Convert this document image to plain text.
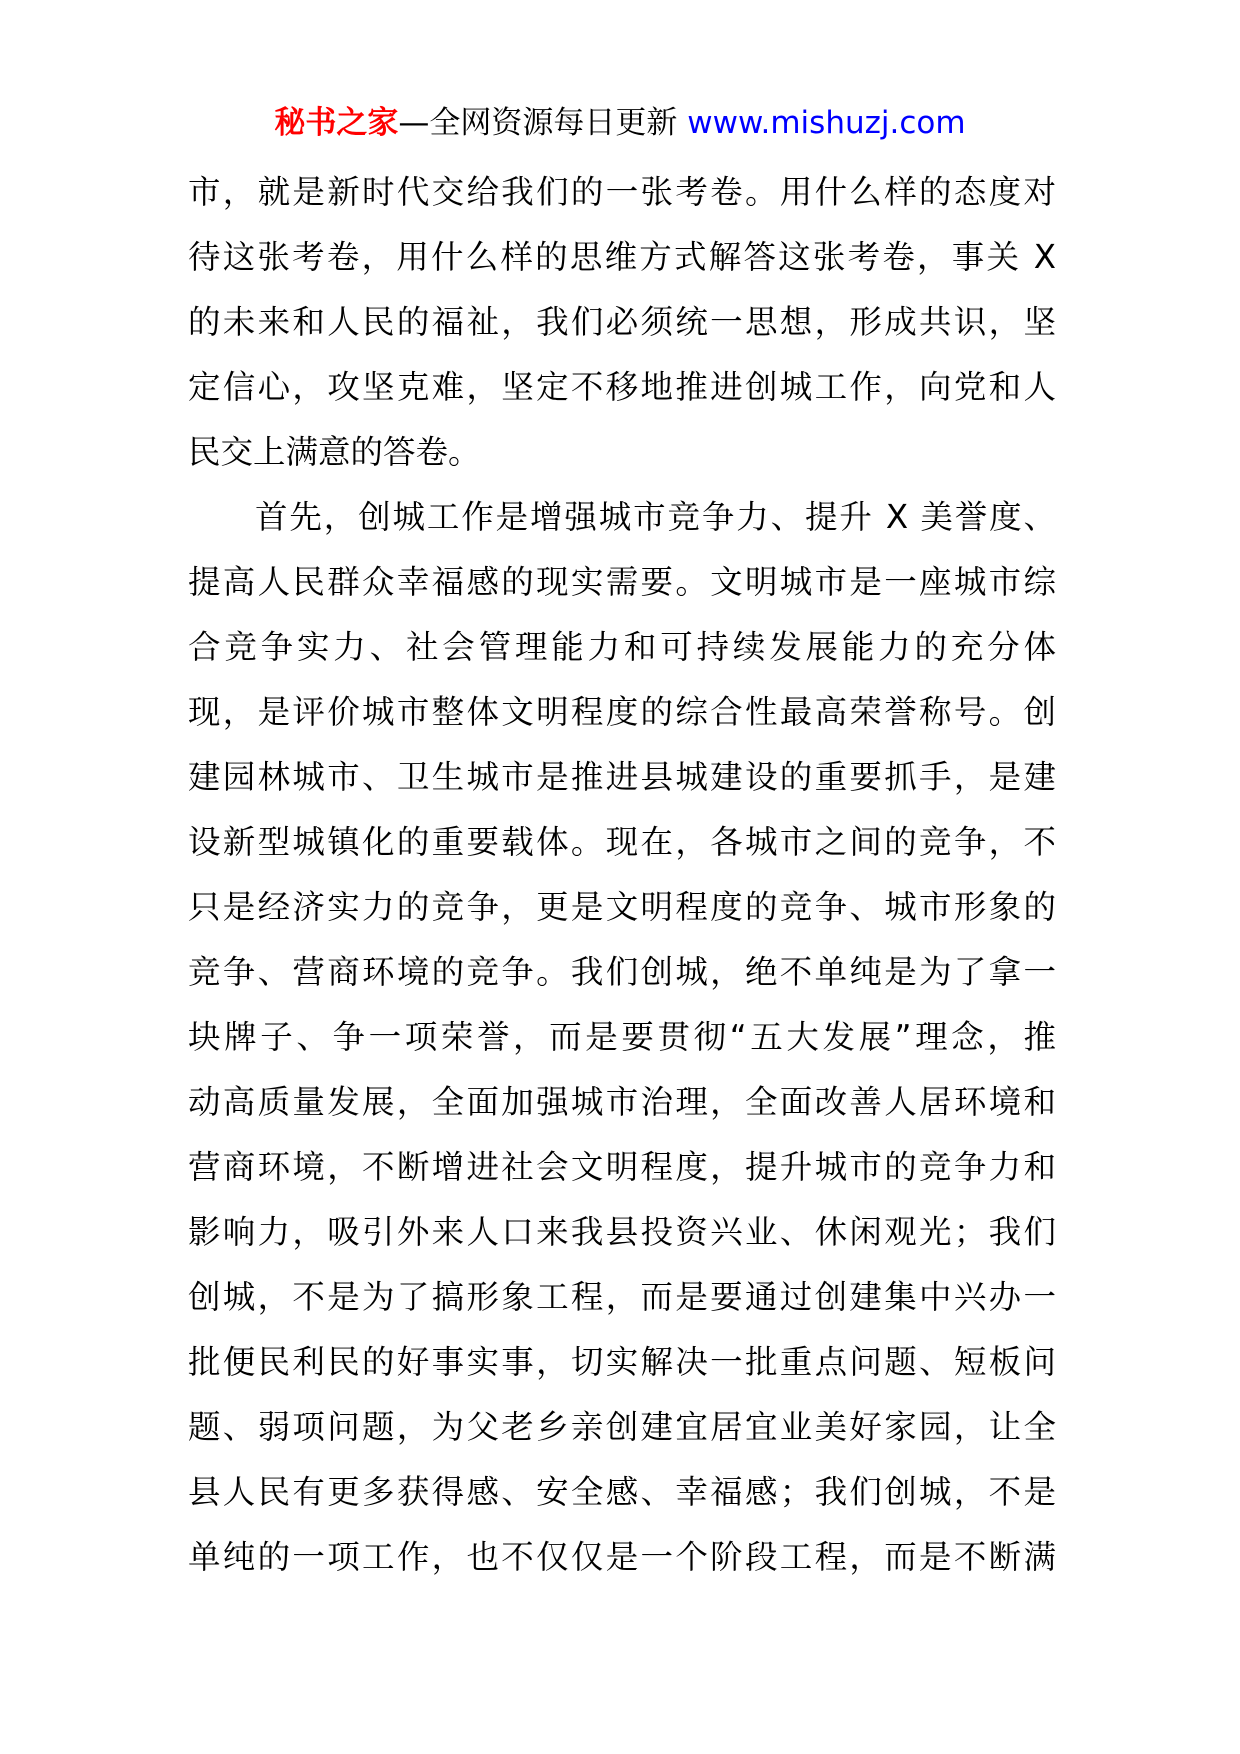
秘书之家—全网资源每日更新 www.mishuzj.com
市，就是新时代交给我们的一张考卷。用什么样的态度对
待这张考卷，用什么样的思维方式解答这张考卷，事关 X
的未来和人民的福祉，我们必须统一思想，形成共识，坚
定信心，攻坚克难，坚定不移地推进创城工作，向党和人
民交上满意的答卷。
首先，创城工作是增强城市竞争力、提升 X 美誉度、
提高人民群众幸福感的现实需要。文明城市是一座城市综
合竞争实力、社会管理能力和可持续发展能力的充分体
现，是评价城市整体文明程度的综合性最高荣誉称号。创
建园林城市、卫生城市是推进县城建设的重要抓手，是建
设新型城镇化的重要载体。现在，各城市之间的竞争，不
只是经济实力的竞争，更是文明程度的竞争、城市形象的
竞争、营商环境的竞争。我们创城，绝不单纯是为了拿一
块牌子、争一项荣誉，而是要贯彻“五大发展”理念，推
动高质量发展，全面加强城市治理，全面改善人居环境和
营商环境，不断增进社会文明程度，提升城市的竞争力和
影响力，吸引外来人口来我县投资兴业、休闲观光；我们
创城，不是为了搞形象工程，而是要通过创建集中兴办一
批便民利民的好事实事，切实解决一批重点问题、短板问
题、弱项问题，为父老乡亲创建宜居宜业美好家园，让全
县人民有更多获得感、安全感、幸福感；我们创城，不是
单纯的一项工作，也不仅仅是一个阶段工程，而是不断满
